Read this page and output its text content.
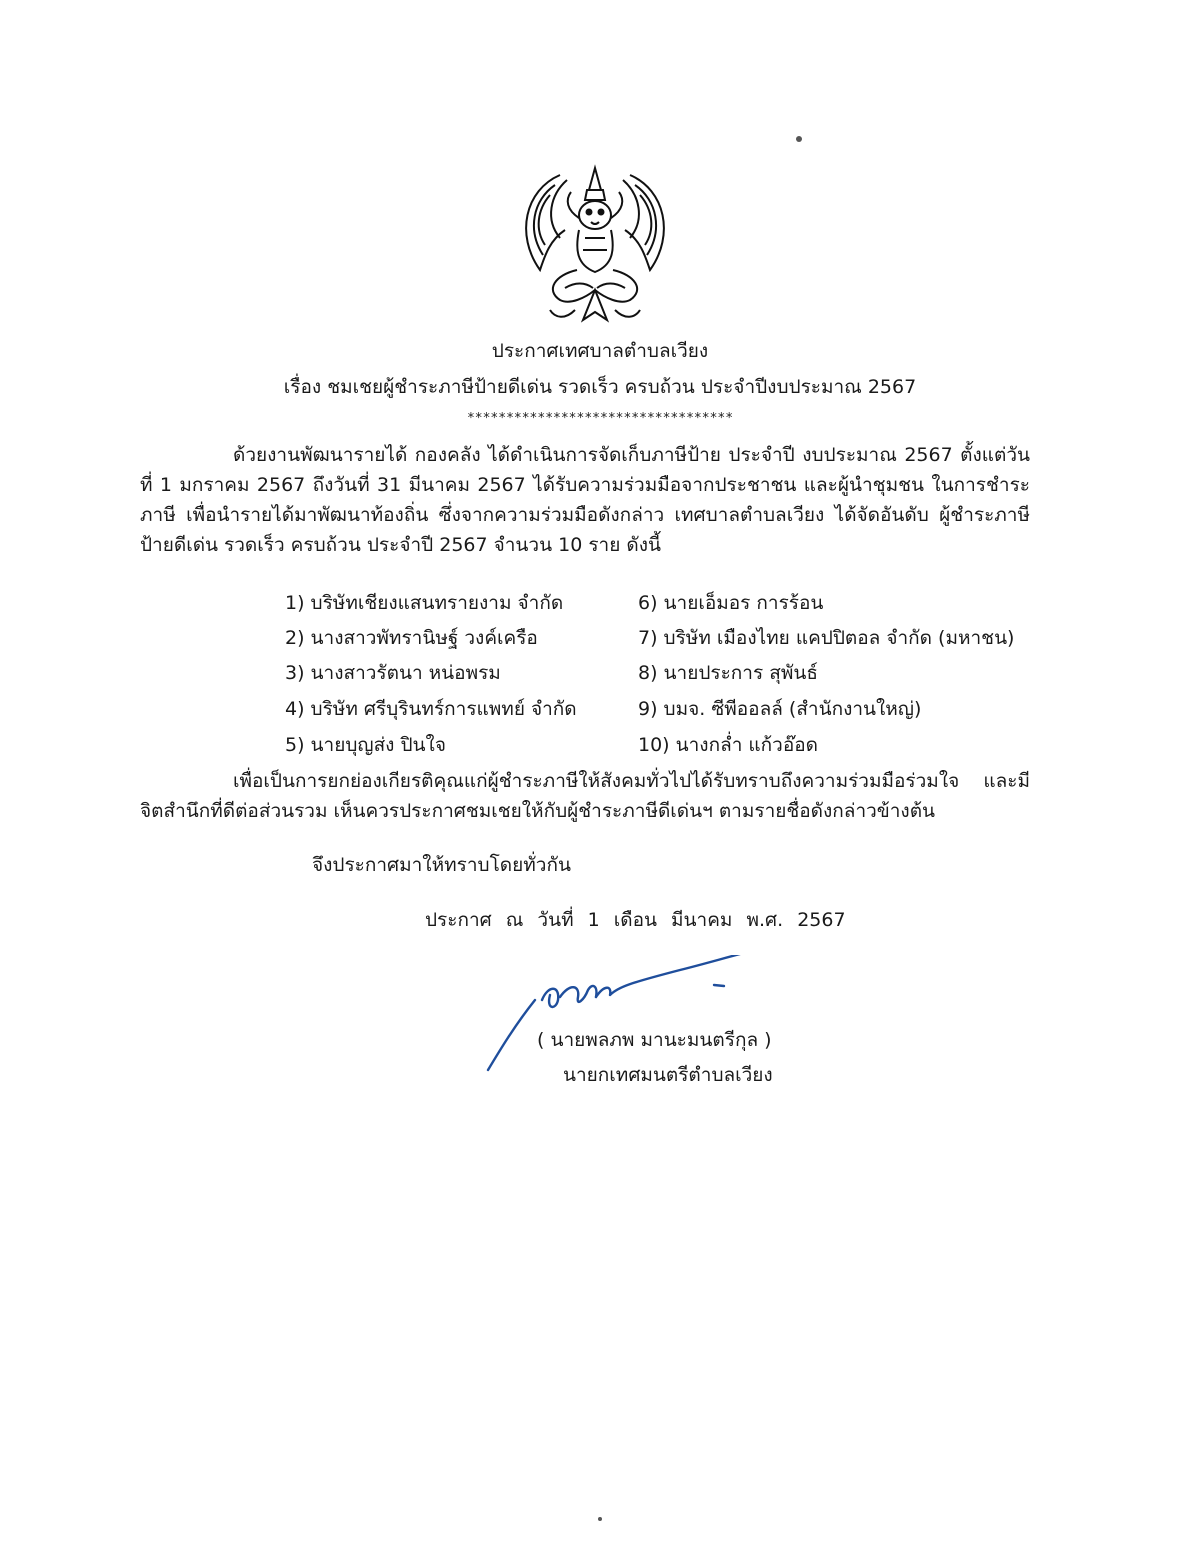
ประกาศเทศบาลตำบลเวียง
เรื่อง ชมเชยผู้ชำระภาษีป้ายดีเด่น รวดเร็ว ครบถ้วน ประจำปีงบประมาณ 2567
**********************************
ด้วยงานพัฒนารายได้ กองคลัง ได้ดำเนินการจัดเก็บภาษีป้าย ประจำปี งบประมาณ 2567 ตั้งแต่วันที่ 1 มกราคม 2567 ถึงวันที่ 31 มีนาคม 2567 ได้รับความร่วมมือจากประชาชน และผู้นำชุมชน ในการชำระภาษี เพื่อนำรายได้มาพัฒนาท้องถิ่น ซึ่งจากความร่วมมือดังกล่าว เทศบาลตำบลเวียง ได้จัดอันดับ ผู้ชำระภาษีป้ายดีเด่น รวดเร็ว ครบถ้วน ประจำปี 2567 จำนวน 10 ราย ดังนี้
1) บริษัทเชียงแสนทรายงาม จำกัด
2) นางสาวพัทรานิษฐ์ วงค์เครือ
3) นางสาวรัตนา หน่อพรม
4) บริษัท ศรีบุรินทร์การแพทย์ จำกัด
5) นายบุญส่ง ปินใจ
6) นายเอ็มอร การร้อน
7) บริษัท เมืองไทย แคปปิตอล จำกัด (มหาชน)
8) นายประการ สุพันธ์
9) บมจ. ซีพีออลล์ (สำนักงานใหญ่)
10) นางกล่ำ แก้วอ๊อด
เพื่อเป็นการยกย่องเกียรติคุณแก่ผู้ชำระภาษีให้สังคมทั่วไปได้รับทราบถึงความร่วมมือร่วมใจ และมีจิตสำนึกที่ดีต่อส่วนรวม เห็นควรประกาศชมเชยให้กับผู้ชำระภาษีดีเด่นฯ ตามรายชื่อดังกล่าวข้างต้น
จึงประกาศมาให้ทราบโดยทั่วกัน
ประกาศ ณ วันที่ 1 เดือน มีนาคม พ.ศ. 2567
( นายพลภพ มานะมนตรีกุล )
นายกเทศมนตรีตำบลเวียง
